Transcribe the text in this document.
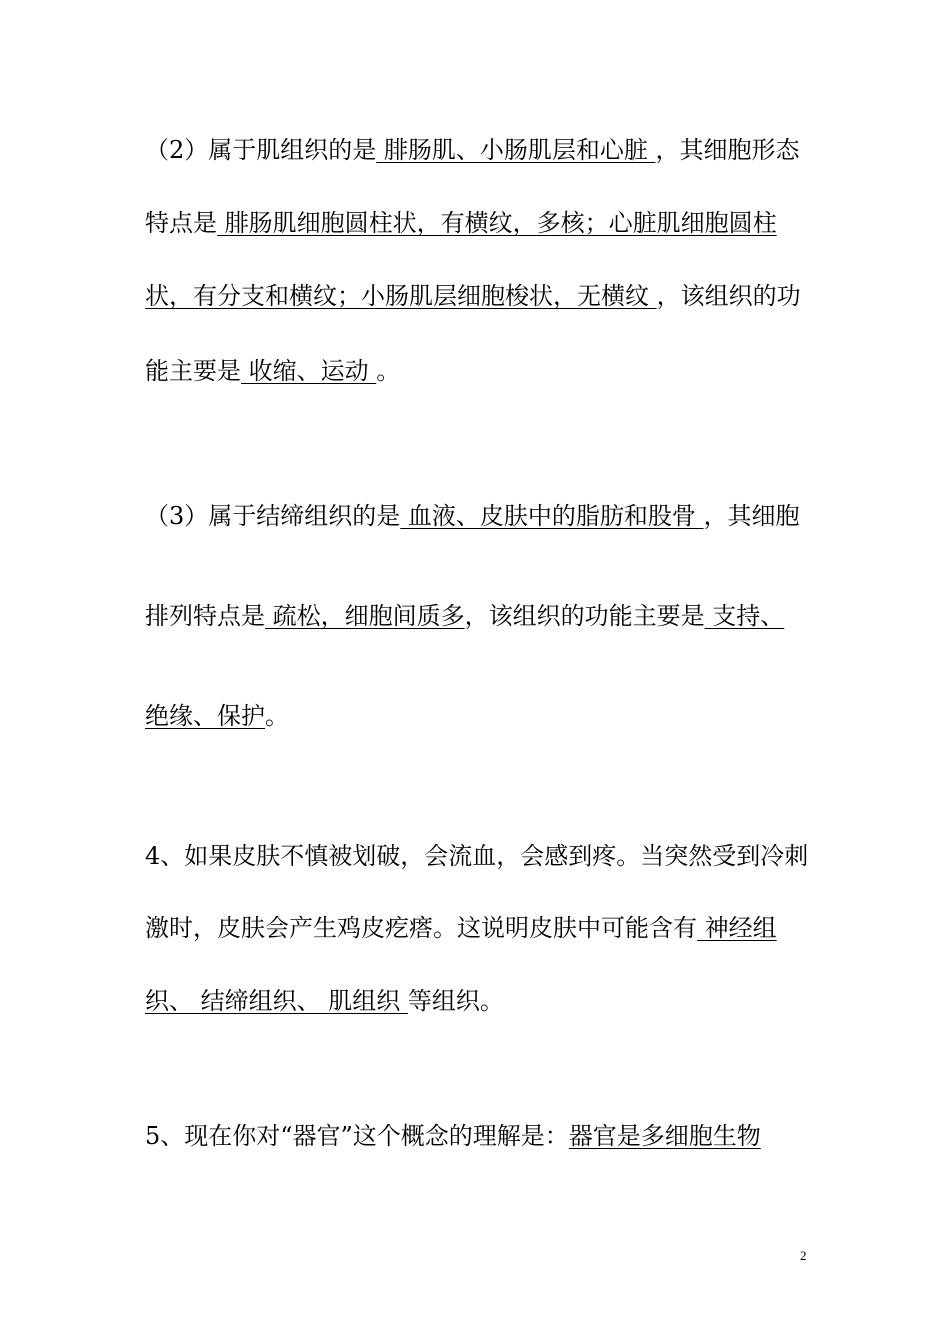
（2）属于肌组织的是 腓肠肌、小肠肌层和心脏 ，其细胞形态
特点是 腓肠肌细胞圆柱状，有横纹，多核；心脏肌细胞圆柱
状，有分支和横纹；小肠肌层细胞梭状，无横纹 ，该组织的功
能主要是 收缩、运动 。
（3）属于结缔组织的是 血液、皮肤中的脂肪和股骨 ，其细胞
排列特点是 疏松，细胞间质多，该组织的功能主要是 支持、
绝缘、保护。
4、如果皮肤不慎被划破，会流血，会感到疼。当突然受到冷刺
激时，皮肤会产生鸡皮疙瘩。这说明皮肤中可能含有 神经组
织、 结缔组织、 肌组织 等组织。
5、现在你对“器官”这个概念的理解是：器官是多细胞生物
2
